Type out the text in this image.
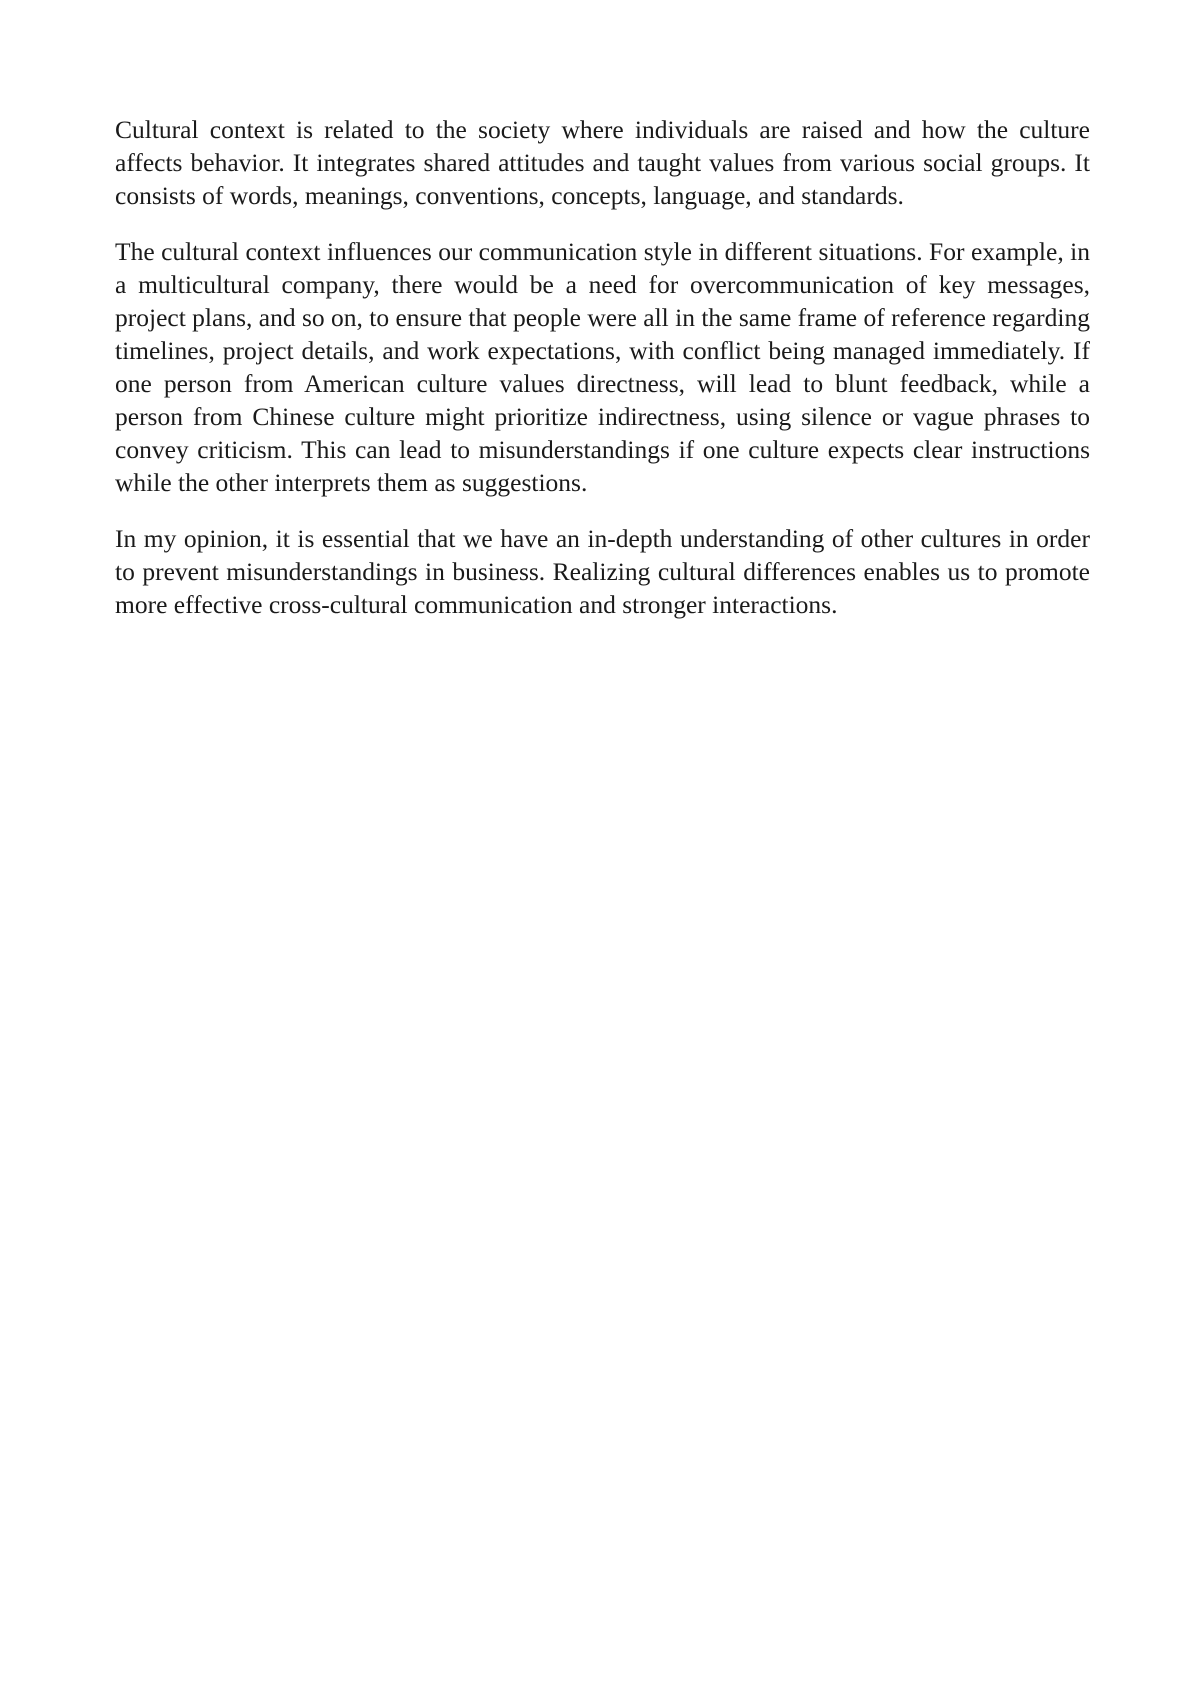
Cultural context is related to the society where individuals are raised and how the culture affects behavior. It integrates shared attitudes and taught values from various social groups. It consists of words, meanings, conventions, concepts, language, and standards.

The cultural context influences our communication style in different situations. For example, in a multicultural company, there would be a need for overcommunication of key messages, project plans, and so on, to ensure that people were all in the same frame of reference regarding timelines, project details, and work expectations, with conflict being managed immediately. If one person from American culture values directness, will lead to blunt feedback, while a person from Chinese culture might prioritize indirectness, using silence or vague phrases to convey criticism. This can lead to misunderstandings if one culture expects clear instructions while the other interprets them as suggestions.

In my opinion, it is essential that we have an in-depth understanding of other cultures in order to prevent misunderstandings in business. Realizing cultural differences enables us to promote more effective cross-cultural communication and stronger interactions.
